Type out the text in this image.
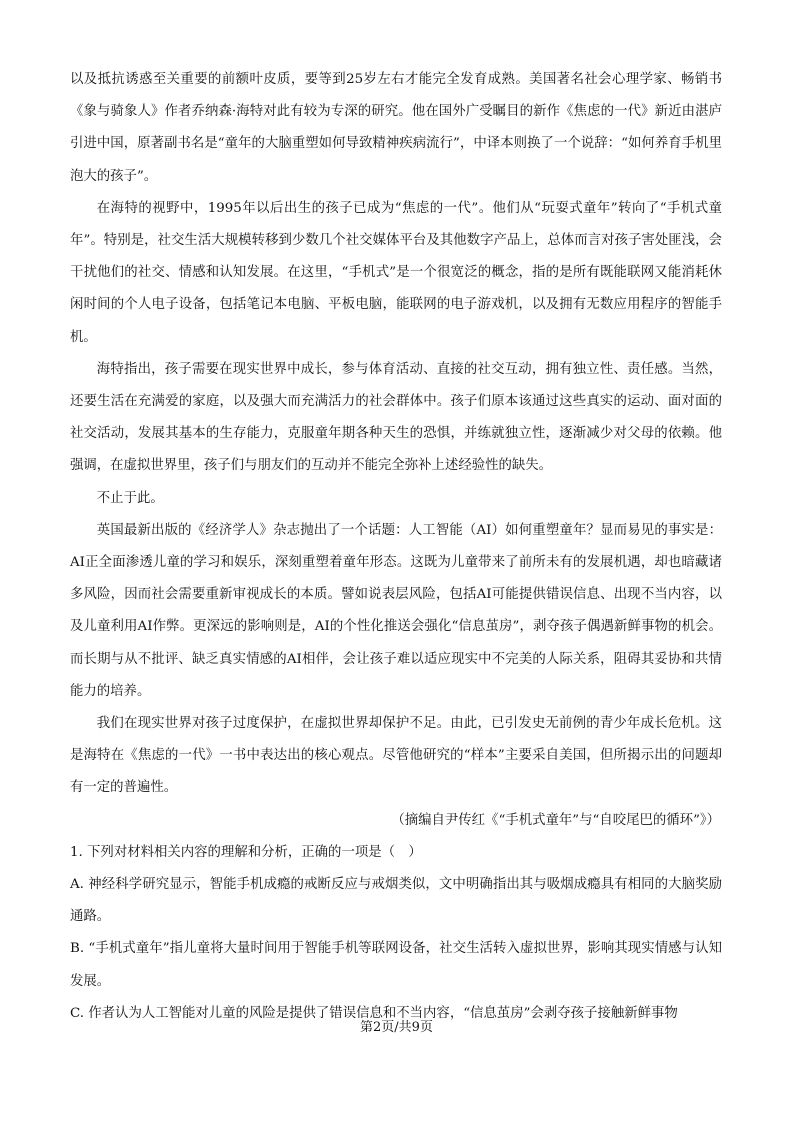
以及抵抗诱惑至关重要的前额叶皮质，要等到25岁左右才能完全发育成熟。美国著名社会心理学家、畅销书《象与骑象人》作者乔纳森·海特对此有较为专深的研究。他在国外广受瞩目的新作《焦虑的一代》新近由湛庐引进中国，原著副书名是“童年的大脑重塑如何导致精神疾病流行”，中译本则换了一个说辞：“如何养育手机里泡大的孩子”。

在海特的视野中，1995年以后出生的孩子已成为“焦虑的一代”。他们从“玩耍式童年”转向了“手机式童年”。特别是，社交生活大规模转移到少数几个社交媒体平台及其他数字产品上，总体而言对孩子害处匪浅，会干扰他们的社交、情感和认知发展。在这里，“手机式”是一个很宽泛的概念，指的是所有既能联网又能消耗休闲时间的个人电子设备，包括笔记本电脑、平板电脑，能联网的电子游戏机，以及拥有无数应用程序的智能手机。

海特指出，孩子需要在现实世界中成长，参与体育活动、直接的社交互动，拥有独立性、责任感。当然，还要生活在充满爱的家庭，以及强大而充满活力的社会群体中。孩子们原本该通过这些真实的运动、面对面的社交活动，发展其基本的生存能力，克服童年期各种天生的恐惧，并练就独立性，逐渐减少对父母的依赖。他强调，在虚拟世界里，孩子们与朋友们的互动并不能完全弥补上述经验性的缺失。

不止于此。

英国最新出版的《经济学人》杂志抛出了一个话题：人工智能（AI）如何重塑童年？显而易见的事实是：AI正全面渗透儿童的学习和娱乐，深刻重塑着童年形态。这既为儿童带来了前所未有的发展机遇，却也暗藏诸多风险，因而社会需要重新审视成长的本质。譬如说表层风险，包括AI可能提供错误信息、出现不当内容，以及儿童利用AI作弊。更深远的影响则是，AI的个性化推送会强化“信息茧房”，剥夺孩子偶遇新鲜事物的机会。而长期与从不批评、缺乏真实情感的AI相伴，会让孩子难以适应现实中不完美的人际关系，阻碍其妥协和共情能力的培养。

我们在现实世界对孩子过度保护，在虚拟世界却保护不足。由此，已引发史无前例的青少年成长危机。这是海特在《焦虑的一代》一书中表达出的核心观点。尽管他研究的“样本”主要采自美国，但所揭示出的问题却有一定的普遍性。

（摘编自尹传红《“手机式童年”与“自咬尾巴的循环”》）

1. 下列对材料相关内容的理解和分析，正确的一项是（　）

A. 神经科学研究显示，智能手机成瘾的戒断反应与戒烟类似，文中明确指出其与吸烟成瘾具有相同的大脑奖励通路。

B. “手机式童年”指儿童将大量时间用于智能手机等联网设备，社交生活转入虚拟世界，影响其现实情感与认知发展。

C. 作者认为人工智能对儿童的风险是提供了错误信息和不当内容，“信息茧房”会剥夺孩子接触新鲜事物

第2页/共9页
